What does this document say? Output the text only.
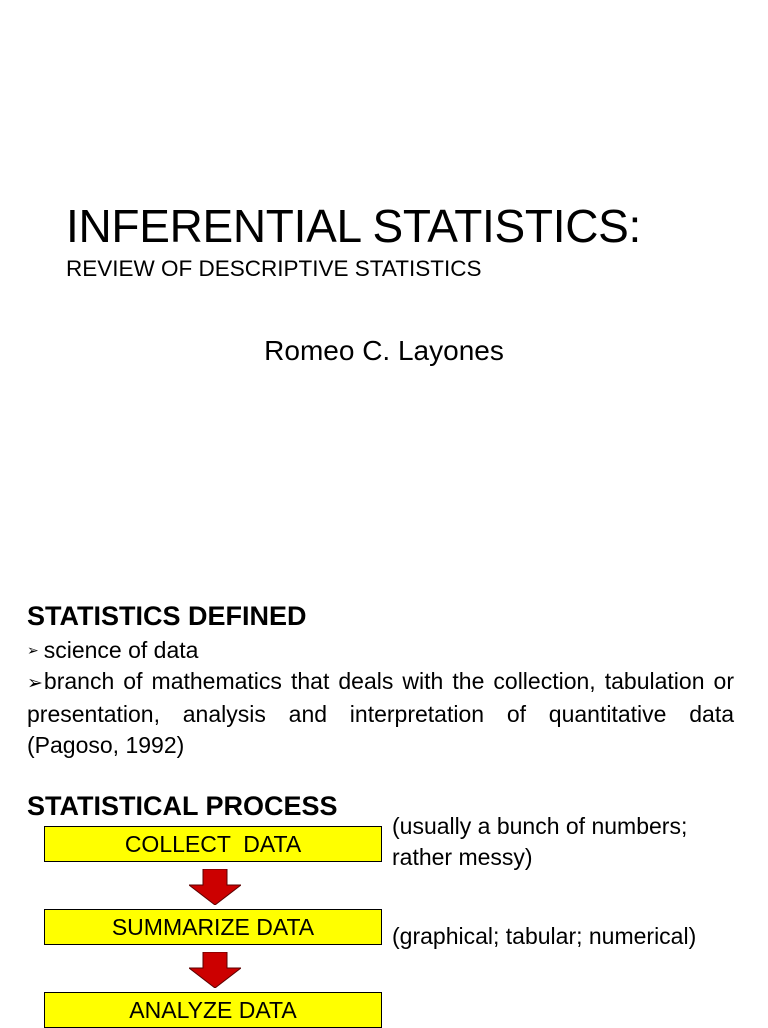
INFERENTIAL STATISTICS:
REVIEW OF DESCRIPTIVE STATISTICS
Romeo C. Layones
STATISTICS DEFINED
➢ science of data
➢branch of mathematics that deals with the collection, tabulation or presentation, analysis and interpretation of quantitative data (Pagoso, 1992)
STATISTICAL PROCESS
COLLECT  DATA
SUMMARIZE DATA
ANALYZE DATA
(usually a bunch of numbers;
rather messy)
(graphical; tabular; numerical)
